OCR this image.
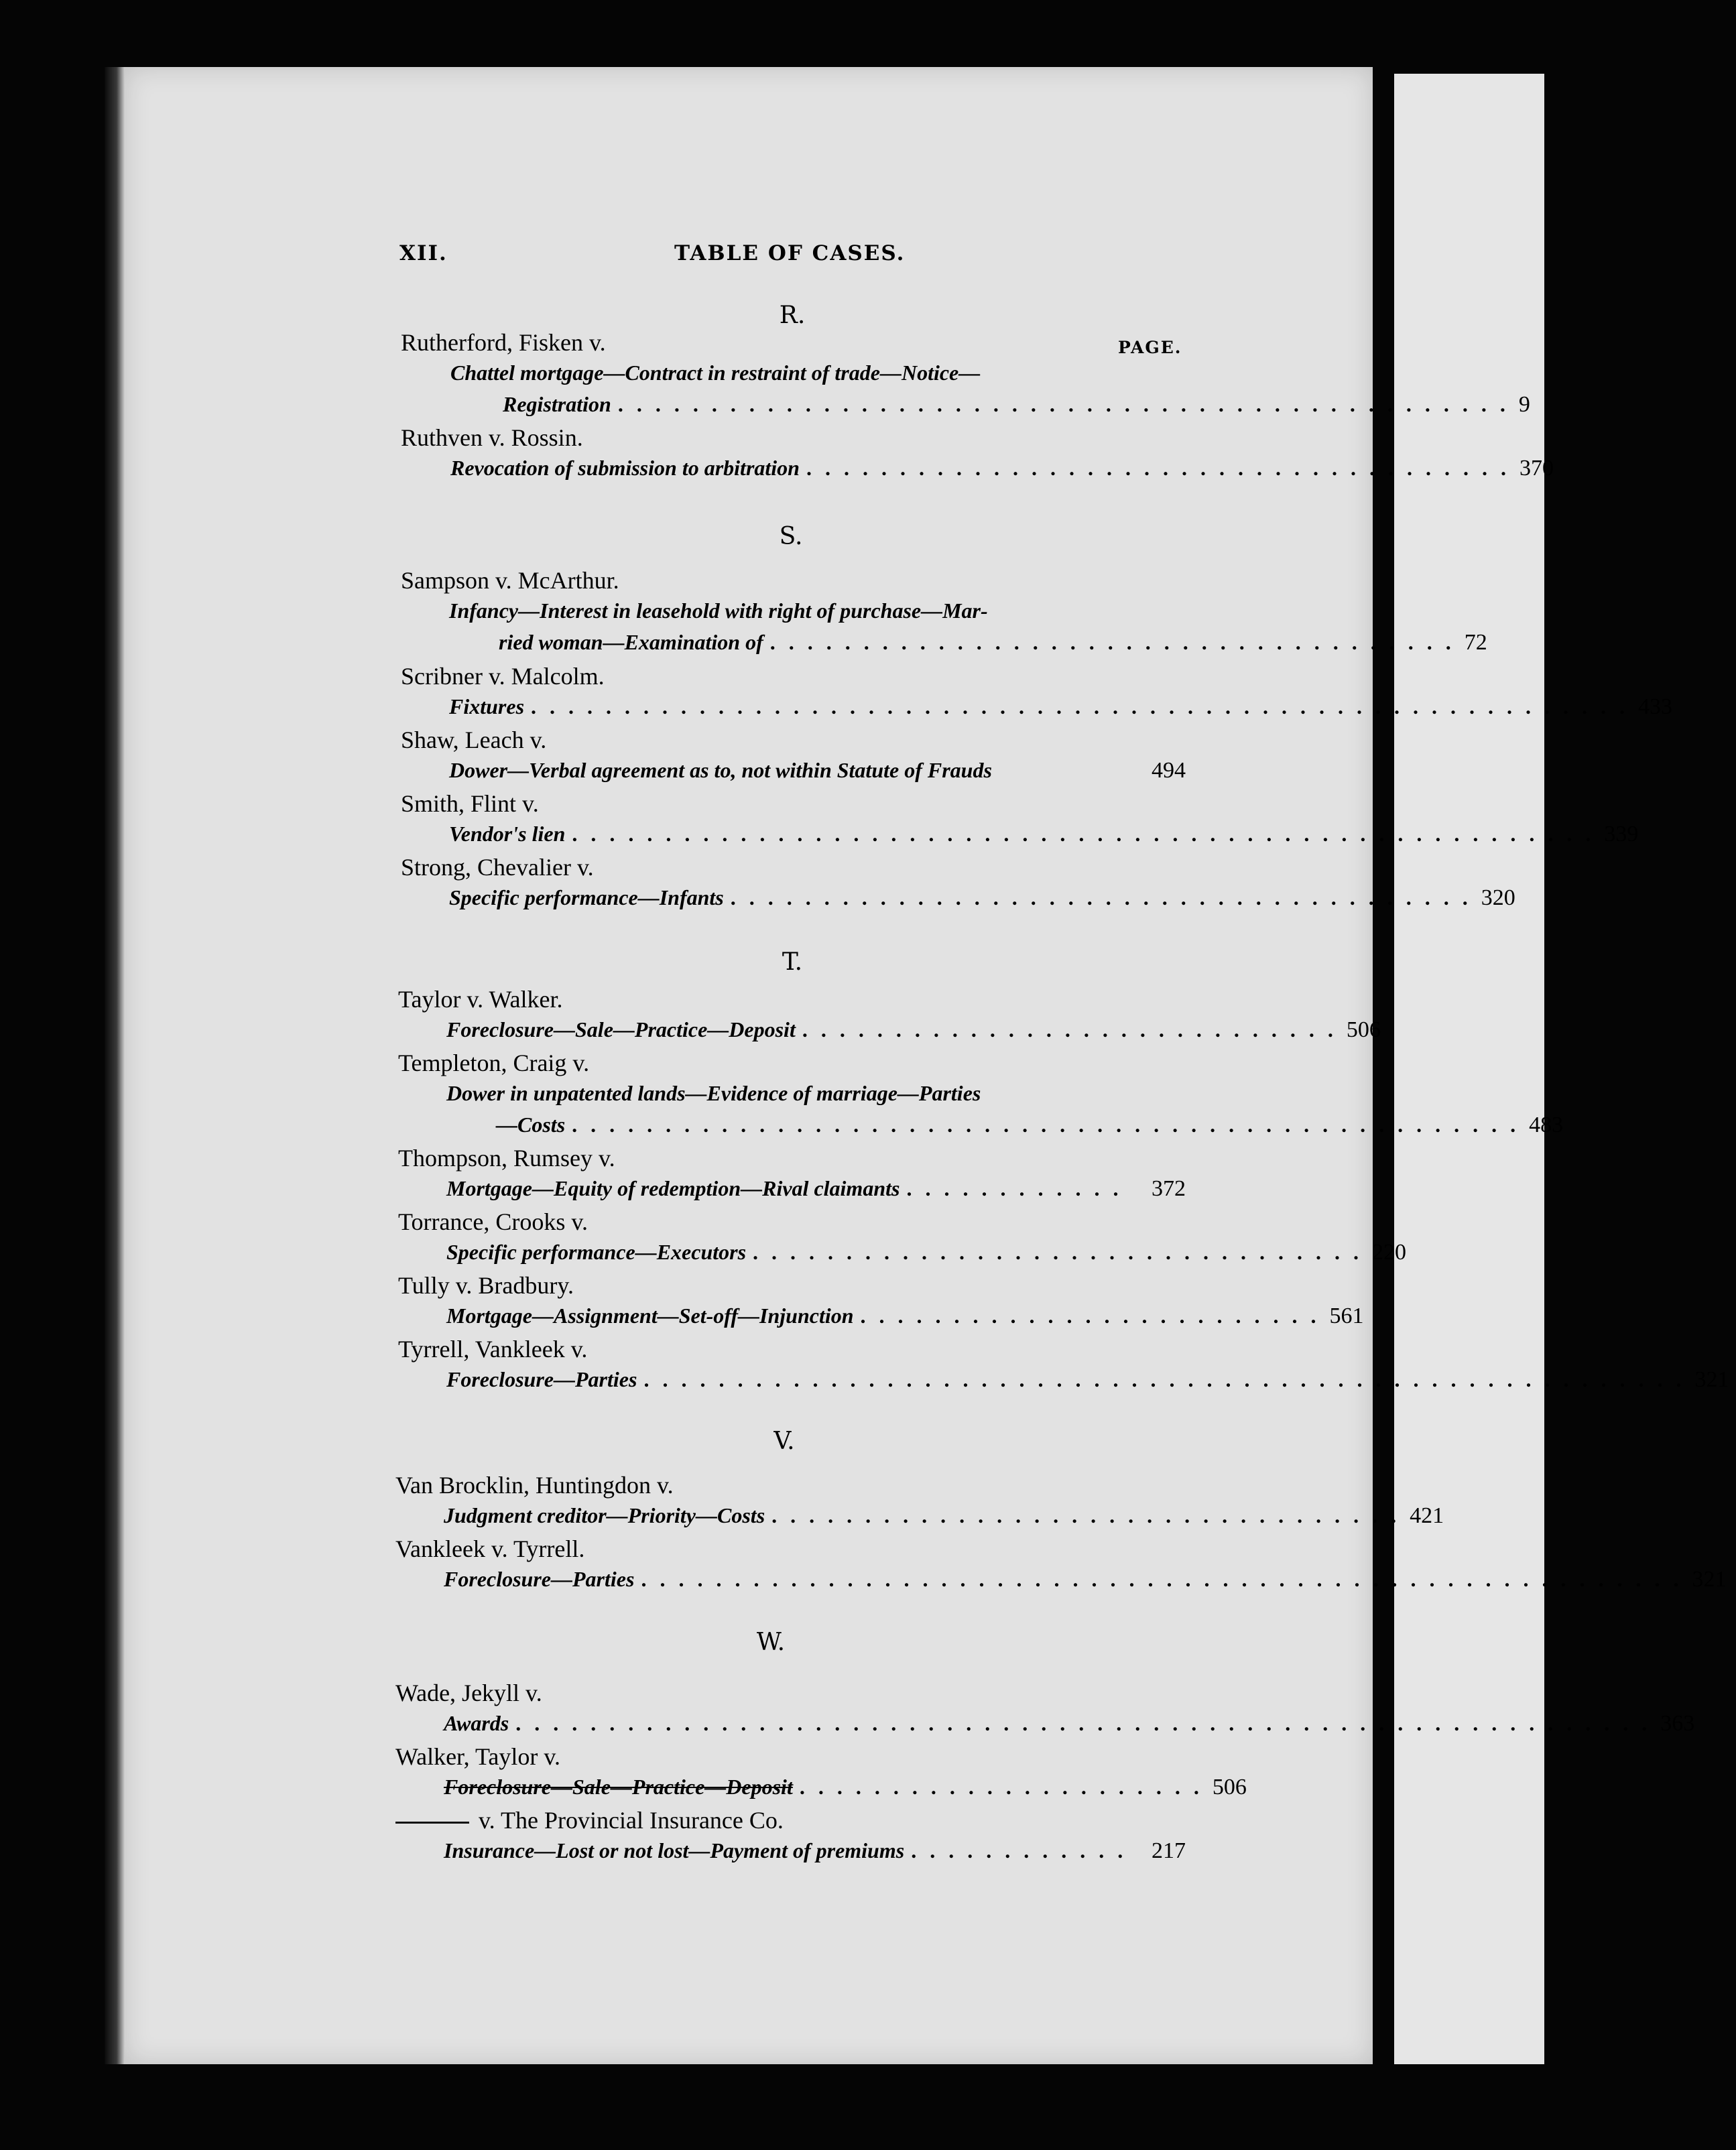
XII.	TABLE OF CASES.
R.
PAGE.
Rutherford, Fisken v.
Chattel mortgage—Contract in restraint of trade—Notice—
Registration . . . . . . . . . . . . . . . . . . . . . . . . . . . . . . . . . . . . . . . . . . . . . . . . 9
Ruthven v. Rossin.
Revocation of submission to arbitration . . . . . . . . . . . . . . . . . . . . . . . . . . . . . . . . . . . . . . 370
S.
Sampson v. McArthur.
Infancy—Interest in leasehold with right of purchase—Mar-
ried woman—Examination of . . . . . . . . . . . . . . . . . . . . . . . . . . . . . . . . . . . . . 72
Scribner v. Malcolm.
Fixtures . . . . . . . . . . . . . . . . . . . . . . . . . . . . . . . . . . . . . . . . . . . . . . . . . . . . . . . . . . . 433
Shaw, Leach v.
Dower—Verbal agreement as to, not within Statute of Frauds	494
Smith, Flint v.
Vendor's lien . . . . . . . . . . . . . . . . . . . . . . . . . . . . . . . . . . . . . . . . . . . . . . . . . . . . . . . 339
Strong, Chevalier v.
Specific performance—Infants . . . . . . . . . . . . . . . . . . . . . . . . . . . . . . . . . . . . . . . . 320
T.
Taylor v. Walker.
Foreclosure—Sale—Practice—Deposit . . . . . . . . . . . . . . . . . . . . . . . . . . . . . 506
Templeton, Craig v.
Dower in unpatented lands—Evidence of marriage—Parties
—Costs . . . . . . . . . . . . . . . . . . . . . . . . . . . . . . . . . . . . . . . . . . . . . . . . . . . 483
Thompson, Rumsey v.
Mortgage—Equity of redemption—Rival claimants . . . . . . . . . . . .	372
Torrance, Crooks v.
Specific performance—Executors . . . . . . . . . . . . . . . . . . . . . . . . . . . . . . . . . 220
Tully v. Bradbury.
Mortgage—Assignment—Set-off—Injunction . . . . . . . . . . . . . . . . . . . . . . . . . 561
Tyrrell, Vankleek v.
Foreclosure—Parties . . . . . . . . . . . . . . . . . . . . . . . . . . . . . . . . . . . . . . . . . . . . . . . . . . . . . . . . 321
V.
Van Brocklin, Huntingdon v.
Judgment creditor—Priority—Costs . . . . . . . . . . . . . . . . . . . . . . . . . . . . . . . . . . 421
Vankleek v. Tyrrell.
Foreclosure—Parties . . . . . . . . . . . . . . . . . . . . . . . . . . . . . . . . . . . . . . . . . . . . . . . . . . . . . . . . 321
W.
Wade, Jekyll v.
Awards . . . . . . . . . . . . . . . . . . . . . . . . . . . . . . . . . . . . . . . . . . . . . . . . . . . . . . . . . . . . . 363
Walker, Taylor v.
Foreclosure—Sale—Practice—Deposit . . . . . . . . . . . . . . . . . . . . . . 506
v. The Provincial Insurance Co.
Insurance—Lost or not lost—Payment of premiums . . . . . . . . . . . .	217
